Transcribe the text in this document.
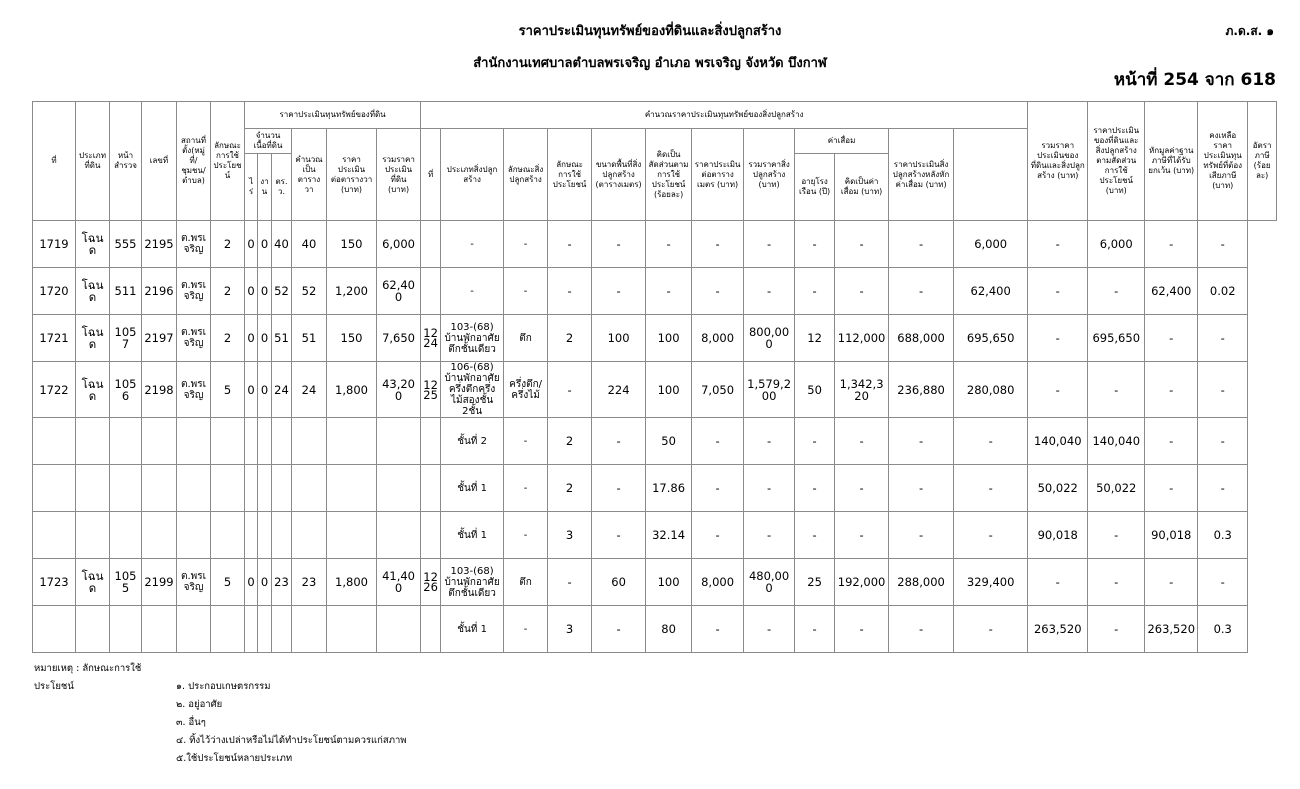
ราคาประเมินทุนทรัพย์ของที่ดินและสิ่งปลูกสร้าง
สำนักงานเทศบาลตำบลพรเจริญ อำเภอ พรเจริญ จังหวัด บึงกาฬ
ภ.ด.ส. ๑
หน้าที่ 254 จาก 618
ที่	ประเภทที่ดิน	หน้าสำรวจ	เลขที่	สถานที่ตั้ง(หมู่ที่/ชุมชน/ตำบล)	ลักษณะการใช้ประโยชน์	ราคาประเมินทุนทรัพย์ของที่ดิน						คำนวณราคาประเมินทุนทรัพย์ของสิ่งปลูกสร้าง												รวมราคาประเมินของที่ดินและสิ่งปลูกสร้าง (บาท)	ราคาประเมินของที่ดินและสิ่งปลูกสร้างตามสัดส่วนการใช้ประโยชน์ (บาท)	หักมูลค่าฐานภาษีที่ได้รับยกเว้น (บาท)	คงเหลือราคาประเมินทุนทรัพย์ที่ต้องเสียภาษี (บาท)	อัตราภาษี (ร้อยละ)
						จำนวนเนื้อที่ดิน			คำนวณเป็นตารางวา	ราคาประเมินต่อตารางวา (บาท)	รวมราคาประเมินที่ดิน (บาท)	ที่	ประเภทสิ่งปลูกสร้าง	ลักษณะสิ่งปลูกสร้าง	ลักษณะการใช้ประโยชน์	ขนาดพื้นที่สิ่งปลูกสร้าง (ตารางเมตร)	คิดเป็นสัดส่วนตามการใช้ประโยชน์ (ร้อยละ)	ราคาประเมินต่อตารางเมตร (บาท)	รวมราคาสิ่งปลูกสร้าง (บาท)	ค่าเสื่อม		ราคาประเมินสิ่งปลูกสร้างหลังหักค่าเสื่อม (บาท)						
						ไร่	งาน	ตร.ว.												อายุโรงเรือน (ปี)	คิดเป็นค่าเสื่อม (บาท)							
1719	โฉนด	555	2195	ต.พรเจริญ	2	0	0	40	40	150	6,000		-	-	-	-	-	-	-	-	-	-	6,000	-	6,000	-	-	
1720	โฉนด	511	2196	ต.พรเจริญ	2	0	0	52	52	1,200	62,400		-	-	-	-	-	-	-	-	-	-	62,400	-	-	62,400	0.02	
1721	โฉนด	1057	2197	ต.พรเจริญ	2	0	0	51	51	150	7,650	1224	103-(68) บ้านพักอาศัยตึกชั้นเดียว	ตึก	2	100	100	8,000	800,000	12	112,000	688,000	695,650	-	695,650	-	-	
1722	โฉนด	1056	2198	ต.พรเจริญ	5	0	0	24	24	1,800	43,200	1225	106-(68) บ้านพักอาศัยครึ่งตึกครึ่งไม้สองชั้น 2ชั้น	ครึ่งตึก/ครึ่งไม้	-	224	100	7,050	1,579,200	50	1,342,320	236,880	280,080	-	-	-	-	
													ชั้นที่ 2	-	2	-	50	-	-	-	-	-	-	140,040	140,040	-	-	
													ชั้นที่ 1	-	2	-	17.86	-	-	-	-	-	-	50,022	50,022	-	-	
													ชั้นที่ 1	-	3	-	32.14	-	-	-	-	-	-	90,018	-	90,018	0.3	
1723	โฉนด	1055	2199	ต.พรเจริญ	5	0	0	23	23	1,800	41,400	1226	103-(68) บ้านพักอาศัยตึกชั้นเดียว	ตึก	-	60	100	8,000	480,000	25	192,000	288,000	329,400	-	-	-	-	
													ชั้นที่ 1	-	3	-	80	-	-	-	-	-	-	263,520	-	263,520	0.3	
หมายเหตุ : ลักษณะการใช้ประโยชน์	๑. ประกอบเกษตรกรรม
๒. อยู่อาศัย
๓. อื่นๆ
๔. ทิ้งไว้ว่างเปล่าหรือไม่ได้ทำประโยชน์ตามควรแก่สภาพ
๕.ใช้ประโยชน์หลายประเภท
